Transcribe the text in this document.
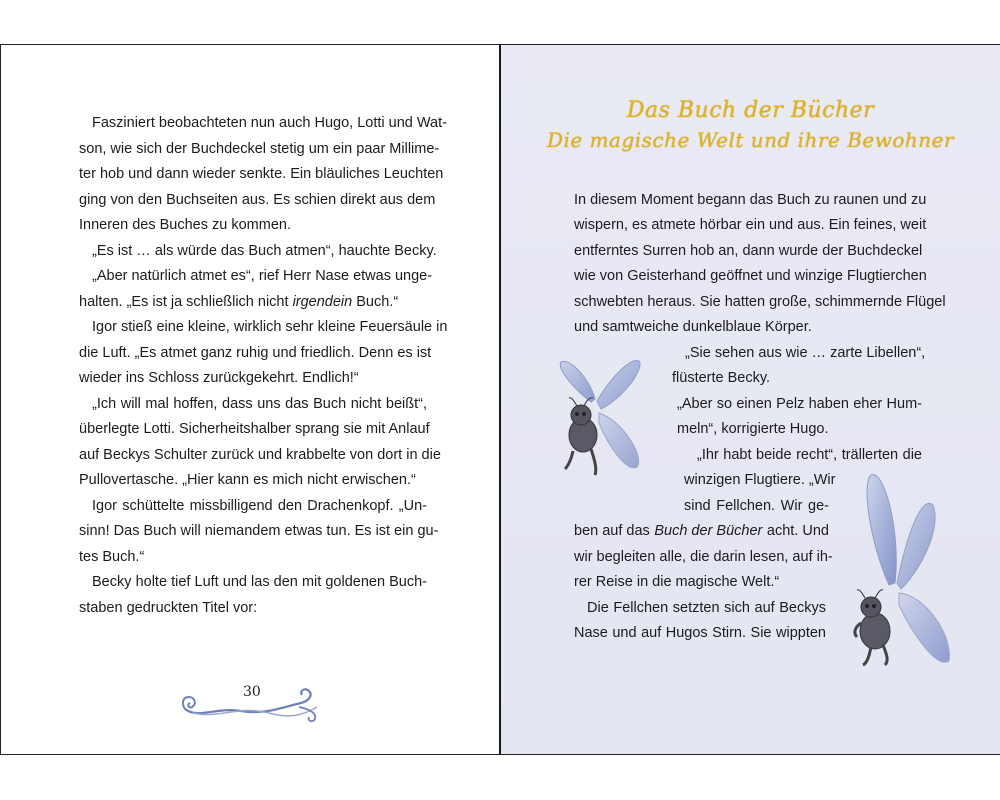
Fasziniert beobachteten nun auch Hugo, Lotti und Wat-
son, wie sich der Buchdeckel stetig um ein paar Millime-
ter hob und dann wieder senkte. Ein bläuliches Leuchten
ging von den Buchseiten aus. Es schien direkt aus dem
Inneren des Buches zu kommen.
„Es ist … als würde das Buch atmen“, hauchte Becky.
„Aber natürlich atmet es“, rief Herr Nase etwas unge-
halten. „Es ist ja schließlich nicht irgendein Buch.“
Igor stieß eine kleine, wirklich sehr kleine Feuersäule in
die Luft. „Es atmet ganz ruhig und friedlich. Denn es ist
wieder ins Schloss zurückgekehrt. Endlich!“
„Ich will mal hoffen, dass uns das Buch nicht beißt“,
überlegte Lotti. Sicherheitshalber sprang sie mit Anlauf
auf Beckys Schulter zurück und krabbelte von dort in die
Pullovertasche. „Hier kann es mich nicht erwischen.“
Igor schüttelte missbilligend den Drachenkopf. „Un-
sinn! Das Buch will niemandem etwas tun. Es ist ein gu-
tes Buch.“
Becky holte tief Luft und las den mit goldenen Buch-
staben gedruckten Titel vor:
30
Das Buch der Bücher
Die magische Welt und ihre Bewohner
In diesem Moment begann das Buch zu raunen und zu
wispern, es atmete hörbar ein und aus. Ein feines, weit
entferntes Surren hob an, dann wurde der Buchdeckel
wie von Geisterhand geöffnet und winzige Flugtierchen
schwebten heraus. Sie hatten große, schimmernde Flügel
und samtweiche dunkelblaue Körper.
„Sie sehen aus wie … zarte Libellen“,
flüsterte Becky.
„Aber so einen Pelz haben eher Hum-
meln“, korrigierte Hugo.
„Ihr habt beide recht“, trällerten die
winzigen Flugtiere. „Wir
sind Fellchen. Wir ge-
ben auf das Buch der Bücher acht. Und
wir begleiten alle, die darin lesen, auf ih-
rer Reise in die magische Welt.“
Die Fellchen setzten sich auf Beckys
Nase und auf Hugos Stirn. Sie wippten
